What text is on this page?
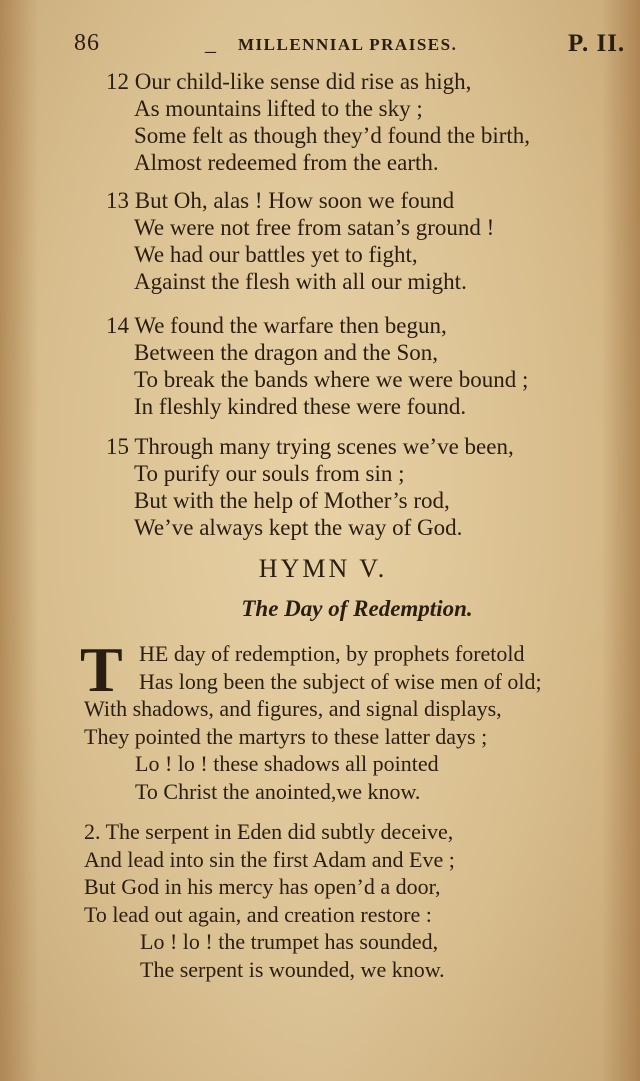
86	_ MILLENNIAL PRAISES.	P. II.
12 Our child-like sense did rise as high,
As mountains lifted to the sky ;
Some felt as though they’d found the birth,
Almost redeemed from the earth.
13 But Oh, alas ! How soon we found
We were not free from satan’s ground !
We had our battles yet to fight,
Against the flesh with all our might.
14 We found the warfare then begun,
Between the dragon and the Son,
To break the bands where we were bound ;
In fleshly kindred these were found.
15 Through many trying scenes we’ve been,
To purify our souls from sin ;
But with the help of Mother’s rod,
We’ve always kept the way of God.
HYMN V.
The Day of Redemption.
T HE day of redemption, by prophets foretold
Has long been the subject of wise men of old;
With shadows, and figures, and signal displays,
They pointed the martyrs to these latter days ;
Lo ! lo ! these shadows all pointed
To Christ the anointed,we know.
2. The serpent in Eden did subtly deceive,
And lead into sin the first Adam and Eve ;
But God in his mercy has open’d a door,
To lead out again, and creation restore :
Lo ! lo ! the trumpet has sounded,
The serpent is wounded, we know.
